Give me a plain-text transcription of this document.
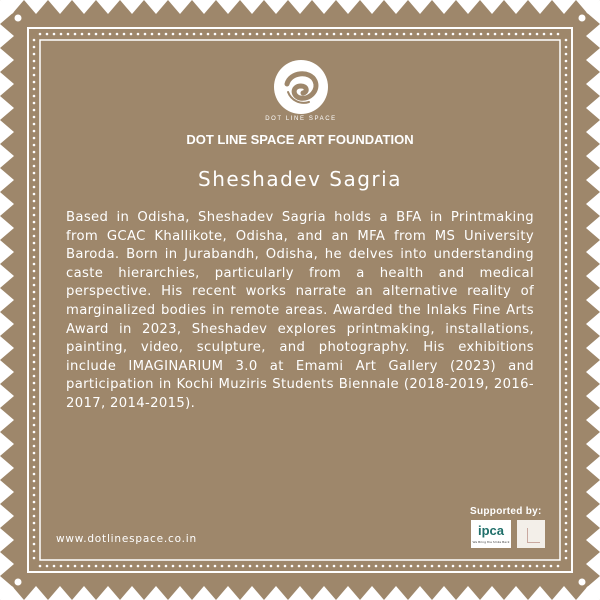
DOT LINE SPACE
DOT LINE SPACE ART FOUNDATION
Sheshadev Sagria
Based in Odisha, Sheshadev Sagria holds a BFA in Printmaking from GCAC Khallikote, Odisha, and an MFA from MS University Baroda. Born in Jurabandh, Odisha, he delves into understanding caste hierarchies, particularly from a health and medical perspective. His recent works narrate an alternative reality of marginalized bodies in remote areas. Awarded the Inlaks Fine Arts Award in 2023, Sheshadev explores printmaking, installations, painting, video, sculpture, and photography. His exhibitions include IMAGINARIUM 3.0 at Emami Art Gallery (2023) and participation in Kochi Muziris Students Biennale (2018-2019, 2016-2017, 2014-2015).
www.dotlinespace.co.in
Supported by:
ipca
We Bring the Smile Back
